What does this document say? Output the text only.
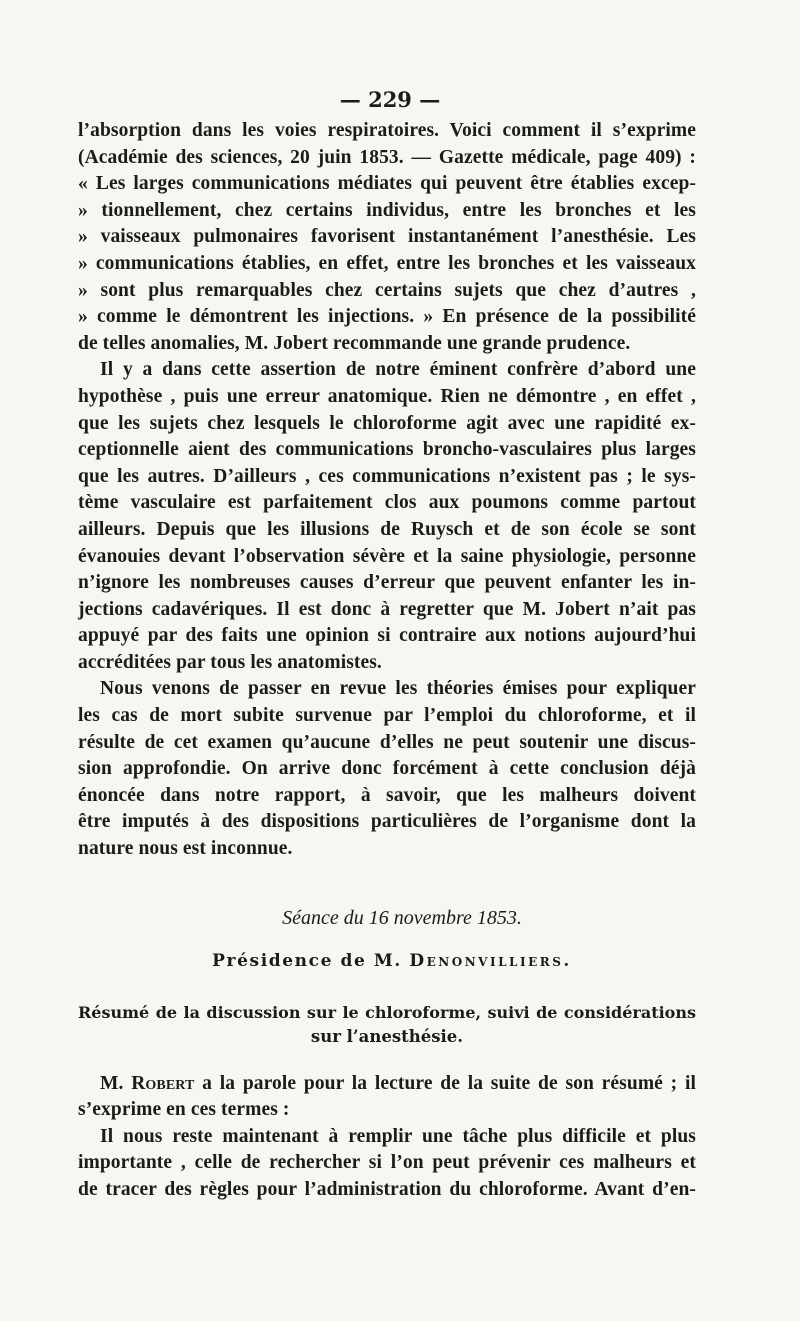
— 229 —
l’absorption dans les voies respiratoires. Voici comment il s’exprime
(Académie des sciences, 20 juin 1853. — Gazette médicale, page 409) :
« Les larges communications médiates qui peuvent être établies excep-
» tionnellement, chez certains individus, entre les bronches et les
» vaisseaux pulmonaires favorisent instantanément l’anesthésie. Les
» communications établies, en effet, entre les bronches et les vaisseaux
» sont plus remarquables chez certains sujets que chez d’autres ,
» comme le démontrent les injections. » En présence de la possibilité
de telles anomalies, M. Jobert recommande une grande prudence.
Il y a dans cette assertion de notre éminent confrère d’abord une
hypothèse , puis une erreur anatomique. Rien ne démontre , en effet ,
que les sujets chez lesquels le chloroforme agit avec une rapidité ex-
ceptionnelle aient des communications broncho-vasculaires plus larges
que les autres. D’ailleurs , ces communications n’existent pas ; le sys-
tème vasculaire est parfaitement clos aux poumons comme partout
ailleurs. Depuis que les illusions de Ruysch et de son école se sont
évanouies devant l’observation sévère et la saine physiologie, personne
n’ignore les nombreuses causes d’erreur que peuvent enfanter les in-
jections cadavériques. Il est donc à regretter que M. Jobert n’ait pas
appuyé par des faits une opinion si contraire aux notions aujourd’hui
accréditées par tous les anatomistes.
Nous venons de passer en revue les théories émises pour expliquer
les cas de mort subite survenue par l’emploi du chloroforme, et il
résulte de cet examen qu’aucune d’elles ne peut soutenir une discus-
sion approfondie. On arrive donc forcément à cette conclusion déjà
énoncée dans notre rapport, à savoir, que les malheurs doivent
être imputés à des dispositions particulières de l’organisme dont la
nature nous est inconnue.
Séance du 16 novembre 1853.
Présidence de M. Denonvilliers.
Résumé de la discussion sur le chloroforme, suivi de considérations
sur l’anesthésie.
M. Robert a la parole pour la lecture de la suite de son résumé ; il
s’exprime en ces termes :
Il nous reste maintenant à remplir une tâche plus difficile et plus
importante , celle de rechercher si l’on peut prévenir ces malheurs et
de tracer des règles pour l’administration du chloroforme. Avant d’en-
